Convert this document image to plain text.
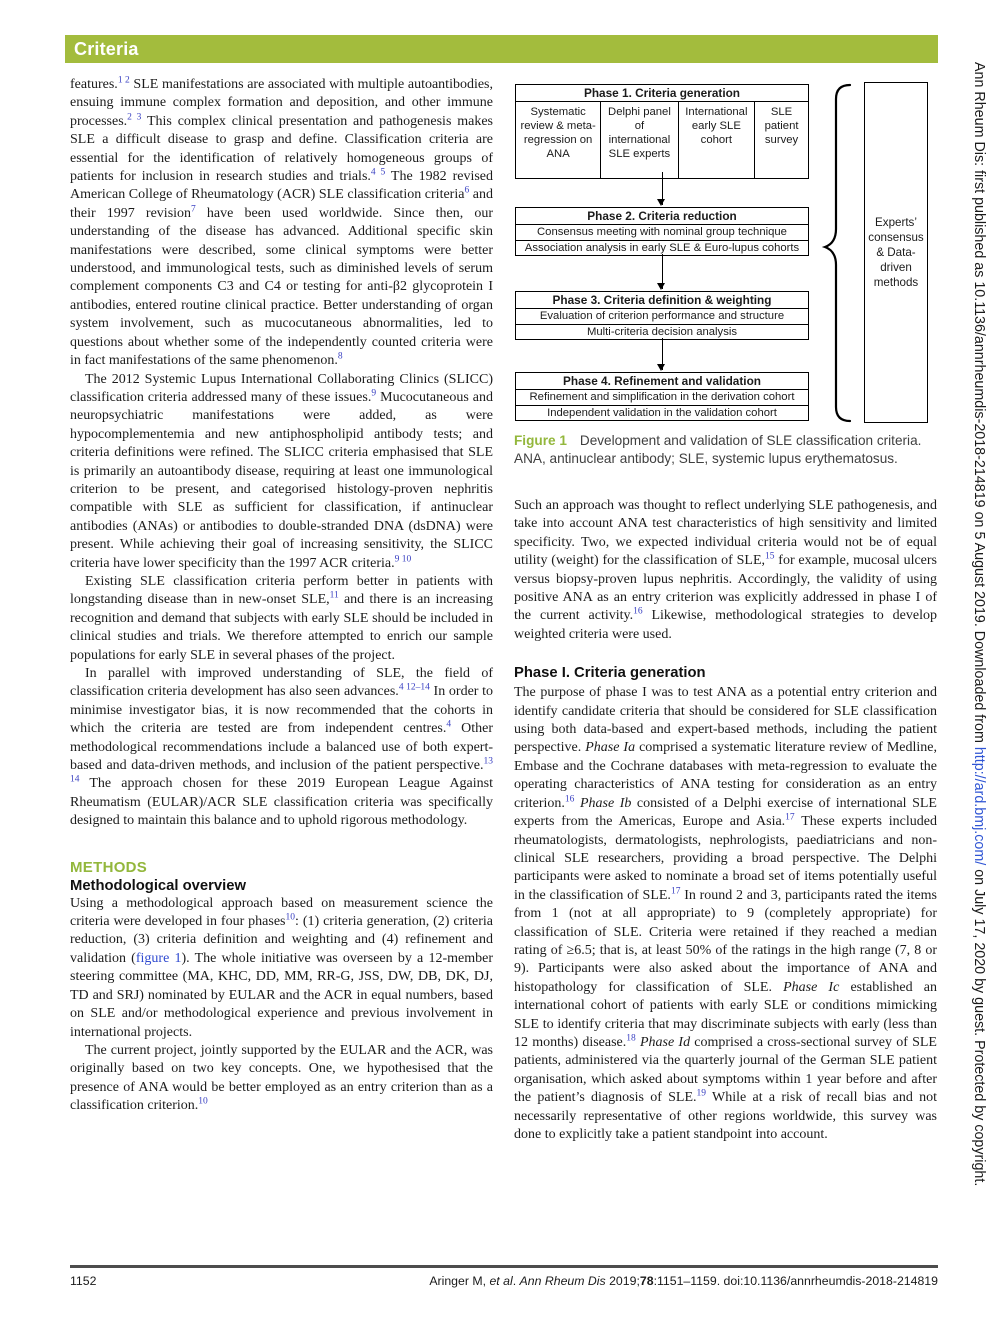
Criteria

features.$^{1 2}$ SLE manifestations are associated with multiple autoantibodies, ensuing immune complex formation and deposition, and other immune processes.$^{2 3}$ This complex clinical presentation and pathogenesis makes SLE a difficult disease to grasp and define. Classification criteria are essential for the identification of relatively homogeneous groups of patients for inclusion in research studies and trials.$^{4 5}$ The 1982 revised American College of Rheumatology (ACR) SLE classification criteria$^6$ and their 1997 revision$^7$ have been used worldwide. Since then, our understanding of the disease has advanced. Additional specific skin manifestations were described, some clinical symptoms were better understood, and immunological tests, such as diminished levels of serum complement components C3 and C4 or testing for anti-β2 glycoprotein I antibodies, entered routine clinical practice. Better understanding of organ system involvement, such as mucocutaneous abnormalities, led to questions about whether some of the independently counted criteria were in fact manifestations of the same phenomenon.$^8$

The 2012 Systemic Lupus International Collaborating Clinics (SLICC) classification criteria addressed many of these issues.$^9$ Mucocutaneous and neuropsychiatric manifestations were added, as were hypocomplementemia and new antiphospholipid antibody tests; and criteria definitions were refined. The SLICC criteria emphasised that SLE is primarily an autoantibody disease, requiring at least one immunological criterion to be present, and categorised histology-proven nephritis compatible with SLE as sufficient for classification, if antinuclear antibodies (ANAs) or antibodies to double-stranded DNA (dsDNA) were present. While achieving their goal of increasing sensitivity, the SLICC criteria have lower specificity than the 1997 ACR criteria.$^{9 10}$

Existing SLE classification criteria perform better in patients with longstanding disease than in new-onset SLE,$^{11}$ and there is an increasing recognition and demand that subjects with early SLE should be included in clinical studies and trials. We therefore attempted to enrich our sample populations for early SLE in several phases of the project.

In parallel with improved understanding of SLE, the field of classification criteria development has also seen advances.$^{4 12-14}$ In order to minimise investigator bias, it is now recommended that the cohorts in which the criteria are tested are from independent centres.$^4$ Other methodological recommendations include a balanced use of both expert-based and data-driven methods, and inclusion of the patient perspective.$^{13 14}$ The approach chosen for these 2019 European League Against Rheumatism (EULAR)/ACR SLE classification criteria was specifically designed to maintain this balance and to uphold rigorous methodology.

METHODS
Methodological overview

Using a methodological approach based on measurement science the criteria were developed in four phases$^{10}$: (1) criteria generation, (2) criteria reduction, (3) criteria definition and weighting and (4) refinement and validation (figure 1). The whole initiative was overseen by a 12-member steering committee (MA, KHC, DD, MM, RR-G, JSS, DW, DB, DK, DJ, TD and SRJ) nominated by EULAR and the ACR in equal numbers, based on SLE and/or methodological experience and previous involvement in international projects.

The current project, jointly supported by the EULAR and the ACR, was originally based on two key concepts. One, we hypothesised that the presence of ANA would be better employed as an entry criterion than as a classification criterion.$^{10}$

Phase 1. Criteria generation
Systematic review & meta-regression on ANA
Delphi panel of international SLE experts
International early SLE cohort
SLE patient survey
Phase 2. Criteria reduction
Consensus meeting with nominal group technique
Association analysis in early SLE & Euro-lupus cohorts
Phase 3. Criteria definition & weighting
Evaluation of criterion performance and structure
Multi-criteria decision analysis
Phase 4. Refinement and validation
Refinement and simplification in the derivation cohort
Independent validation in the validation cohort
Experts’ consensus & Data-driven methods
Figure 1 Development and validation of SLE classification criteria. ANA, antinuclear antibody; SLE, systemic lupus erythematosus.

Such an approach was thought to reflect underlying SLE pathogenesis, and take into account ANA test characteristics of high sensitivity and limited specificity. Two, we expected individual criteria would not be of equal utility (weight) for the classification of SLE,$^{15}$ for example, mucosal ulcers versus biopsy-proven lupus nephritis. Accordingly, the validity of using positive ANA as an entry criterion was explicitly addressed in phase I of the current activity.$^{16}$ Likewise, methodological strategies to develop weighted criteria were used.

Phase I. Criteria generation

The purpose of phase I was to test ANA as a potential entry criterion and identify candidate criteria that should be considered for SLE classification using both data-based and expert-based methods, including the patient perspective. Phase Ia comprised a systematic literature review of Medline, Embase and the Cochrane databases with meta-regression to evaluate the operating characteristics of ANA testing for consideration as an entry criterion.$^{16}$ Phase Ib consisted of a Delphi exercise of international SLE experts from the Americas, Europe and Asia.$^{17}$ These experts included rheumatologists, dermatologists, nephrologists, paediatricians and non-clinical SLE researchers, providing a broad perspective. The Delphi participants were asked to nominate a broad set of items potentially useful in the classification of SLE.$^{17}$ In round 2 and 3, participants rated the items from 1 (not at all appropriate) to 9 (completely appropriate) for classification of SLE. Criteria were retained if they reached a median rating of ≥6.5; that is, at least 50% of the ratings in the high range (7, 8 or 9). Participants were also asked about the importance of ANA and histopathology for classification of SLE. Phase Ic established an international cohort of patients with early SLE or conditions mimicking SLE to identify criteria that may discriminate subjects with early (less than 12 months) disease.$^{18}$ Phase Id comprised a cross-sectional survey of SLE patients, administered via the quarterly journal of the German SLE patient organisation, which asked about symptoms within 1 year before and after the patient’s diagnosis of SLE.$^{19}$ While at a risk of recall bias and not necessarily representative of other regions worldwide, this survey was done to explicitly take a patient standpoint into account.

1152	Aringer M, et al. Ann Rheum Dis 2019;78:1151–1159. doi:10.1136/annrheumdis-2018-214819
Ann Rheum Dis: first published as 10.1136/annrheumdis-2018-214819 on 5 August 2019. Downloaded from http://ard.bmj.com/ on July 17, 2020 by guest. Protected by copyright.
